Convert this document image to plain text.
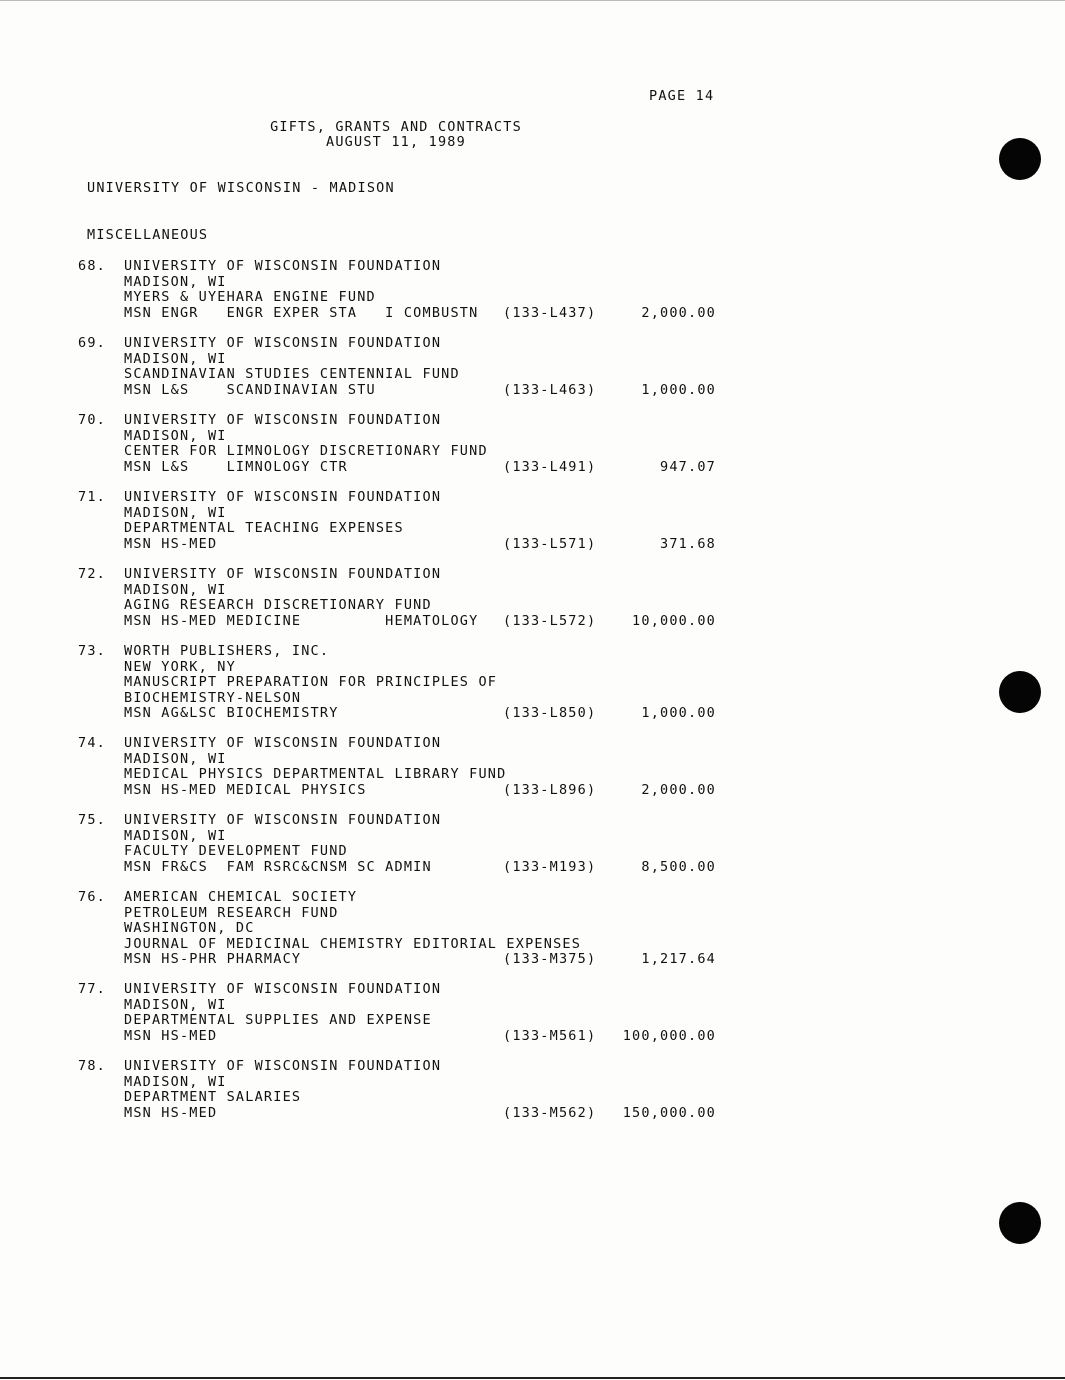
PAGE 14
GIFTS, GRANTS AND CONTRACTS
AUGUST 11, 1989
UNIVERSITY OF WISCONSIN - MADISON
MISCELLANEOUS
68. UNIVERSITY OF WISCONSIN FOUNDATION
MADISON, WI
MYERS & UYEHARA ENGINE FUND
MSN ENGR   ENGR EXPER STA   I COMBUSTN (133-L437)	2,000.00
69. UNIVERSITY OF WISCONSIN FOUNDATION
MADISON, WI
SCANDINAVIAN STUDIES CENTENNIAL FUND
MSN L&S    SCANDINAVIAN STU	(133-L463)	1,000.00
70. UNIVERSITY OF WISCONSIN FOUNDATION
MADISON, WI
CENTER FOR LIMNOLOGY DISCRETIONARY FUND
MSN L&S    LIMNOLOGY CTR	(133-L491)	947.07
71. UNIVERSITY OF WISCONSIN FOUNDATION
MADISON, WI
DEPARTMENTAL TEACHING EXPENSES
MSN HS-MED	(133-L571)	371.68
72. UNIVERSITY OF WISCONSIN FOUNDATION
MADISON, WI
AGING RESEARCH DISCRETIONARY FUND
MSN HS-MED MEDICINE         HEMATOLOGY (133-L572)	10,000.00
73. WORTH PUBLISHERS, INC.
NEW YORK, NY
MANUSCRIPT PREPARATION FOR PRINCIPLES OF
BIOCHEMISTRY-NELSON
MSN AG&LSC BIOCHEMISTRY	(133-L850)	1,000.00
74. UNIVERSITY OF WISCONSIN FOUNDATION
MADISON, WI
MEDICAL PHYSICS DEPARTMENTAL LIBRARY FUND
MSN HS-MED MEDICAL PHYSICS	(133-L896)	2,000.00
75. UNIVERSITY OF WISCONSIN FOUNDATION
MADISON, WI
FACULTY DEVELOPMENT FUND
MSN FR&CS  FAM RSRC&CNSM SC ADMIN	(133-M193)	8,500.00
76. AMERICAN CHEMICAL SOCIETY
PETROLEUM RESEARCH FUND
WASHINGTON, DC
JOURNAL OF MEDICINAL CHEMISTRY EDITORIAL EXPENSES
MSN HS-PHR PHARMACY	(133-M375)	1,217.64
77. UNIVERSITY OF WISCONSIN FOUNDATION
MADISON, WI
DEPARTMENTAL SUPPLIES AND EXPENSE
MSN HS-MED	(133-M561)	100,000.00
78. UNIVERSITY OF WISCONSIN FOUNDATION
MADISON, WI
DEPARTMENT SALARIES
MSN HS-MED	(133-M562)	150,000.00
